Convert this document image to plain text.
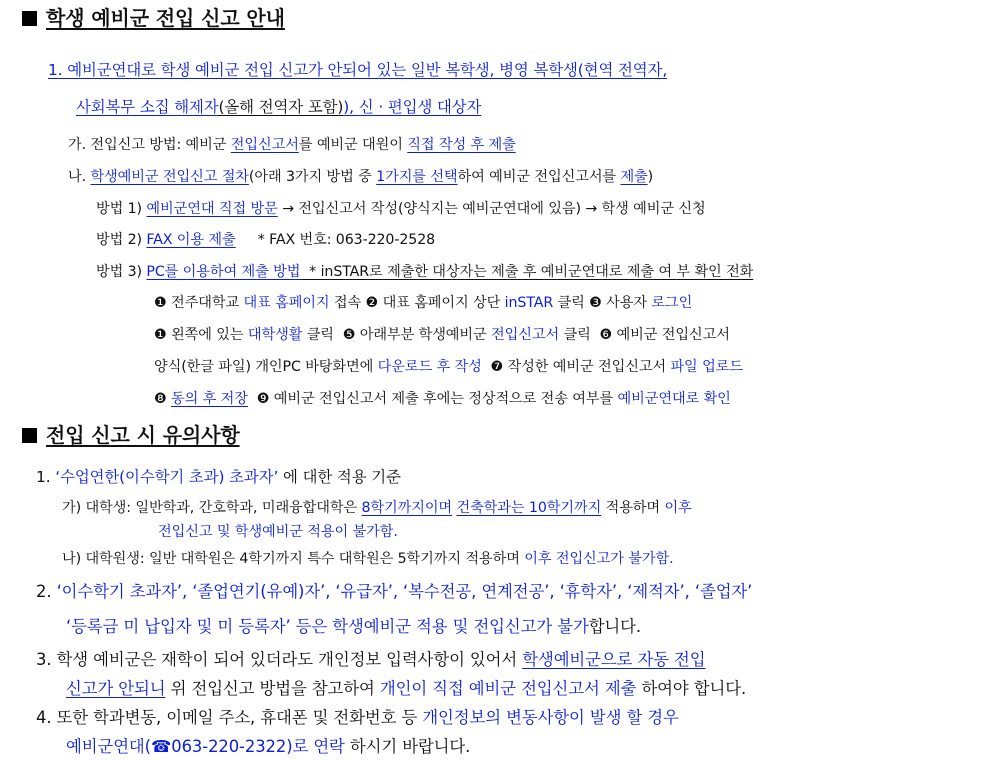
학생 예비군 전입 신고 안내
1. 예비군연대로 학생 예비군 전입 신고가 안되어 있는 일반 복학생, 병영 복학생(현역 전역자,
사회복무 소집 해제자(올해 전역자 포함)), 신 · 편입생 대상자
가. 전입신고 방법: 예비군 전입신고서를 예비군 대원이 직접 작성 후 제출
나. 학생예비군 전입신고 절차(아래 3가지 방법 중 1가지를 선택하여 예비군 전입신고서를 제출)
방법 1) 예비군연대 직접 방문 → 전입신고서 작성(양식지는 예비군연대에 있음) → 학생 예비군 신청
방법 2) FAX 이용 제출     * FAX 번호: 063-220-2528
방법 3) PC를 이용하여 제출 방법  * inSTAR로 제출한 대상자는 제출 후 예비군연대로 제출 여 부 확인 전화
❶ 전주대학교 대표 홈페이지 접속 ❷ 대표 홈페이지 상단 inSTAR 클릭 ❸ 사용자 로그인
❶ 왼쪽에 있는 대학생활 클릭  ❺ 아래부분 학생예비군 전입신고서 클릭  ❻ 예비군 전입신고서
양식(한글 파일) 개인PC 바탕화면에 다운로드 후 작성  ❼ 작성한 예비군 전입신고서 파일 업로드
❽ 동의 후 저장  ❾ 예비군 전입신고서 제출 후에는 정상적으로 전송 여부를 예비군연대로 확인
전입 신고 시 유의사항
1. ‘수업연한(이수학기 초과) 초과자’ 에 대한 적용 기준
가) 대학생: 일반학과, 간호학과, 미래융합대학은 8학기까지이며 건축학과는 10학기까지 적용하며 이후
전입신고 및 학생예비군 적용이 불가함.
나) 대학원생: 일반 대학원은 4학기까지 특수 대학원은 5학기까지 적용하며 이후 전입신고가 불가함.
2. ‘이수학기 초과자’, ‘졸업연기(유예)자’, ‘유급자’, ‘복수전공, 연계전공’, ‘휴학자’, ‘제적자’, ‘졸업자’
‘등록금 미 납입자 및 미 등록자’ 등은 학생예비군 적용 및 전입신고가 불가합니다.
3. 학생 예비군은 재학이 되어 있더라도 개인정보 입력사항이 있어서 학생예비군으로 자동 전입
신고가 안되니 위 전입신고 방법을 참고하여 개인이 직접 예비군 전입신고서 제출 하여야 합니다.
4. 또한 학과변동, 이메일 주소, 휴대폰 및 전화번호 등 개인정보의 변동사항이 발생 할 경우
예비군연대(☎063-220-2322)로 연락 하시기 바랍니다.
